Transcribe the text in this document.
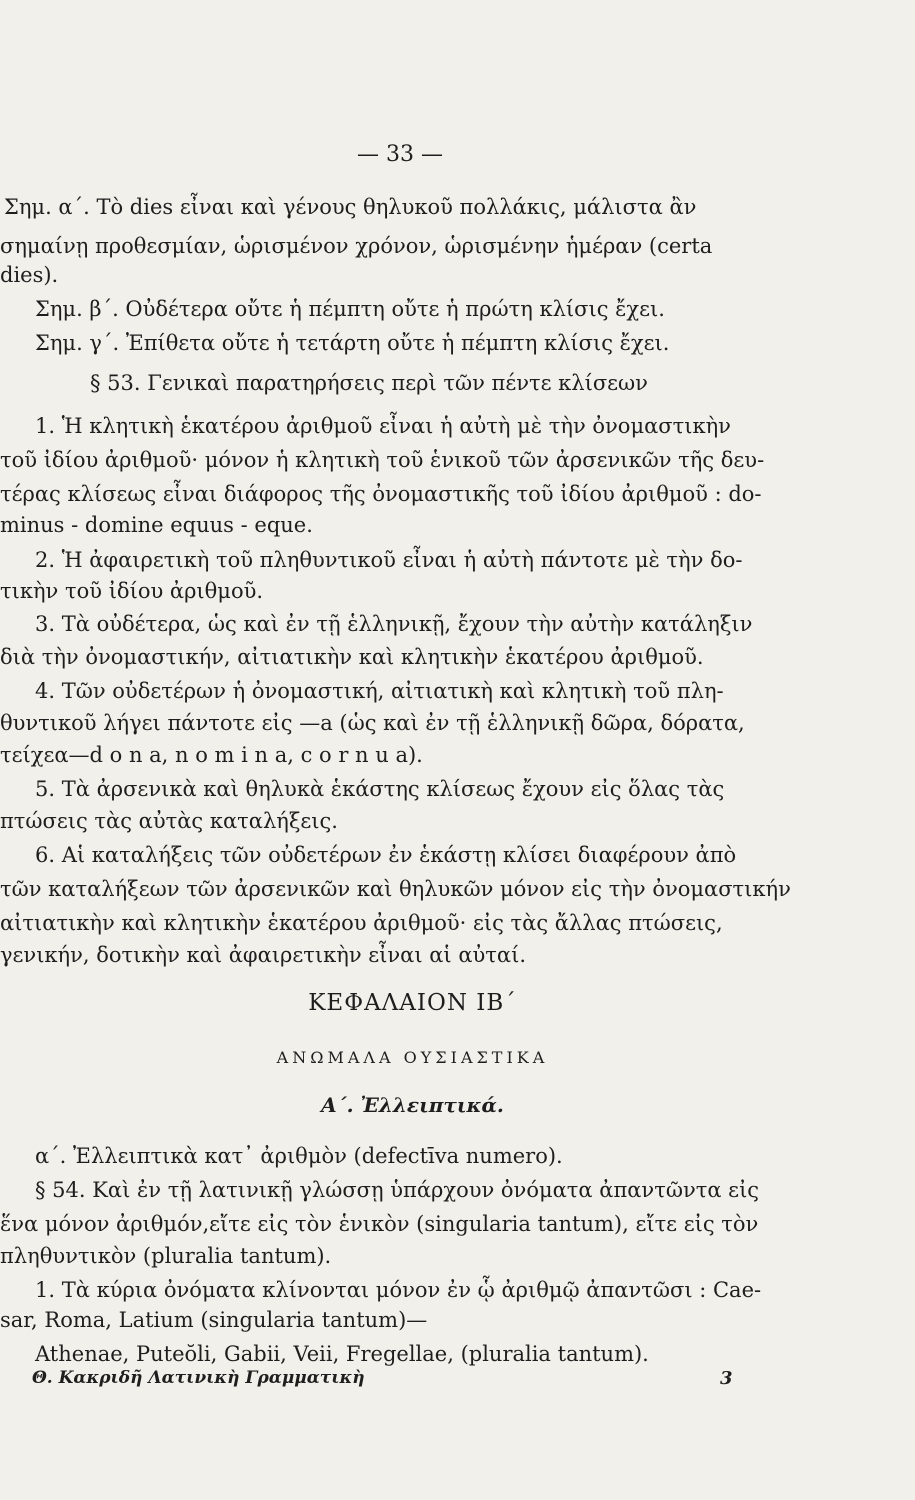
— 33 —
Σημ. α΄. Τὸ dies εἶναι καὶ γένους θηλυκοῦ πολλάκις, μάλιστα ἂν
σημαίνῃ προθεσμίαν, ὡρισμένον χρόνον, ὡρισμένην ἡμέραν (certa
dies).
Σημ. β΄. Οὐδέτερα οὔτε ἡ πέμπτη οὔτε ἡ πρώτη κλίσις ἔχει.
Σημ. γ΄. Ἐπίθετα οὔτε ἡ τετάρτη οὔτε ἡ πέμπτη κλίσις ἔχει.
§ 53. Γενικαὶ παρατηρήσεις περὶ τῶν πέντε κλίσεων
1. Ἡ κλητικὴ ἑκατέρου ἀριθμοῦ εἶναι ἡ αὐτὴ μὲ τὴν ὀνομαστικὴν
τοῦ ἰδίου ἀριθμοῦ· μόνον ἡ κλητικὴ τοῦ ἑνικοῦ τῶν ἀρσενικῶν τῆς δευ-
τέρας κλίσεως εἶναι διάφορος τῆς ὀνομαστικῆς τοῦ ἰδίου ἀριθμοῦ : do-
minus - domine equus - eque.
2. Ἡ ἀφαιρετικὴ τοῦ πληθυντικοῦ εἶναι ἡ αὐτὴ πάντοτε μὲ τὴν δο-
τικὴν τοῦ ἰδίου ἀριθμοῦ.
3. Τὰ οὐδέτερα, ὡς καὶ ἐν τῇ ἑλληνικῇ, ἔχουν τὴν αὐτὴν κατάληξιν
διὰ τὴν ὀνομαστικήν, αἰτιατικὴν καὶ κλητικὴν ἑκατέρου ἀριθμοῦ.
4. Τῶν οὐδετέρων ἡ ὀνομαστική, αἰτιατικὴ καὶ κλητικὴ τοῦ πλη-
θυντικοῦ λήγει πάντοτε εἰς —a (ὡς καὶ ἐν τῇ ἑλληνικῇ δῶρα, δόρατα,
τείχεα—d o n a, n o m i n a, c o r n u a).
5. Τὰ ἀρσενικὰ καὶ θηλυκὰ ἑκάστης κλίσεως ἔχουν εἰς ὅλας τὰς
πτώσεις τὰς αὐτὰς καταλήξεις.
6. Αἱ καταλήξεις τῶν οὐδετέρων ἐν ἑκάστῃ κλίσει διαφέρουν ἀπὸ
τῶν καταλήξεων τῶν ἀρσενικῶν καὶ θηλυκῶν μόνον εἰς τὴν ὀνομαστικήν
αἰτιατικὴν καὶ κλητικὴν ἑκατέρου ἀριθμοῦ· εἰς τὰς ἄλλας πτώσεις,
γενικήν, δοτικὴν καὶ ἀφαιρετικὴν εἶναι αἱ αὐταί.
ΚΕΦΑΛΑΙΟΝ ΙΒ΄
ΑΝΩΜΑΛΑ ΟΥΣΙΑΣΤΙΚΑ
Α΄. Ἐλλειπτικά.
α΄. Ἐλλειπτικὰ κατ᾽ ἀριθμὸν (defectīva numero).
§ 54. Καὶ ἐν τῇ λατινικῇ γλώσσῃ ὑπάρχουν ὀνόματα ἀπαντῶντα εἰς
ἕνα μόνον ἀριθμόν,εἴτε εἰς τὸν ἑνικὸν (singularia tantum), εἴτε εἰς τὸν
πληθυντικὸν (pluralia tantum).
1. Τὰ κύρια ὀνόματα κλίνονται μόνον ἐν ᾧ ἀριθμῷ ἀπαντῶσι : Cae-
sar, Roma, Latium (singularia tantum)—
Athenae, Puteŏli, Gabii, Veii, Fregellae, (pluralia tantum).
Θ. Κακριδῆ Λατινικὴ Γραμματικὴ	3
